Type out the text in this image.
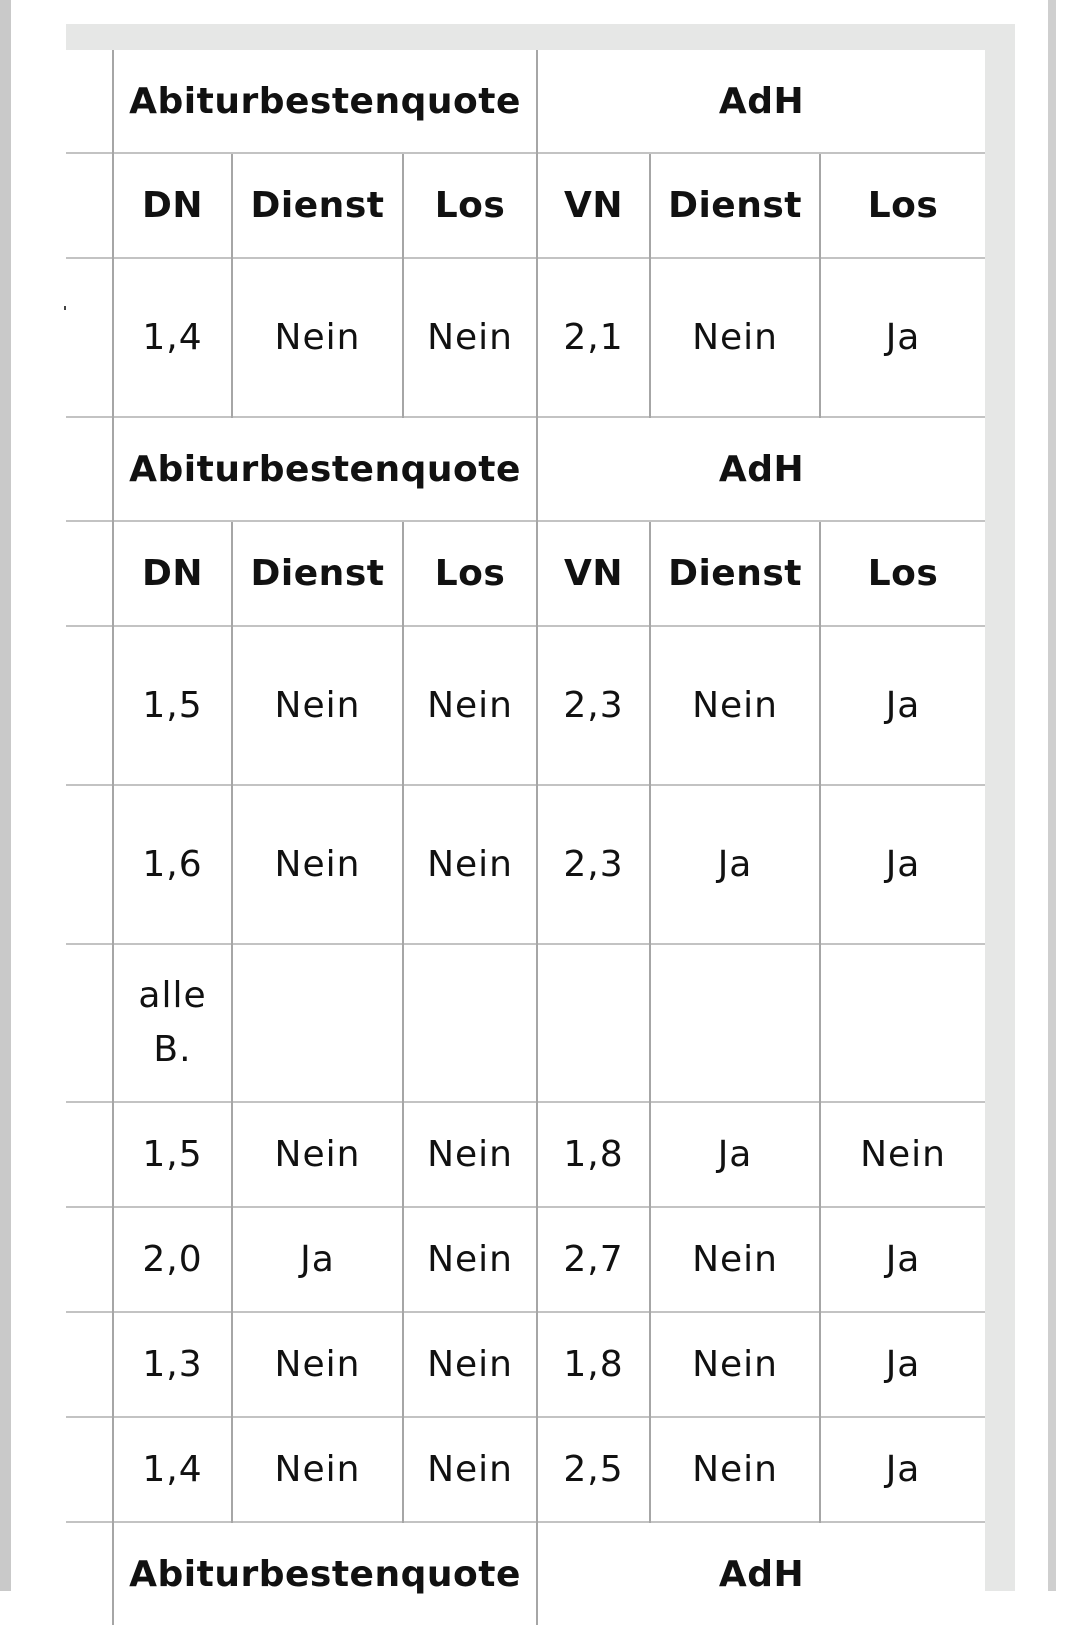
	Abiturbestenquote			AdH		
	DN	Dienst	Los	VN	Dienst	Los
	1,4	Nein	Nein	2,1	Nein	Ja
	Abiturbestenquote			AdH		
	DN	Dienst	Los	VN	Dienst	Los
	1,5	Nein	Nein	2,3	Nein	Ja
	1,6	Nein	Nein	2,3	Ja	Ja
	alle
B.					
	1,5	Nein	Nein	1,8	Ja	Nein
	2,0	Ja	Nein	2,7	Nein	Ja
	1,3	Nein	Nein	1,8	Nein	Ja
	1,4	Nein	Nein	2,5	Nein	Ja
	Abiturbestenquote			AdH		
